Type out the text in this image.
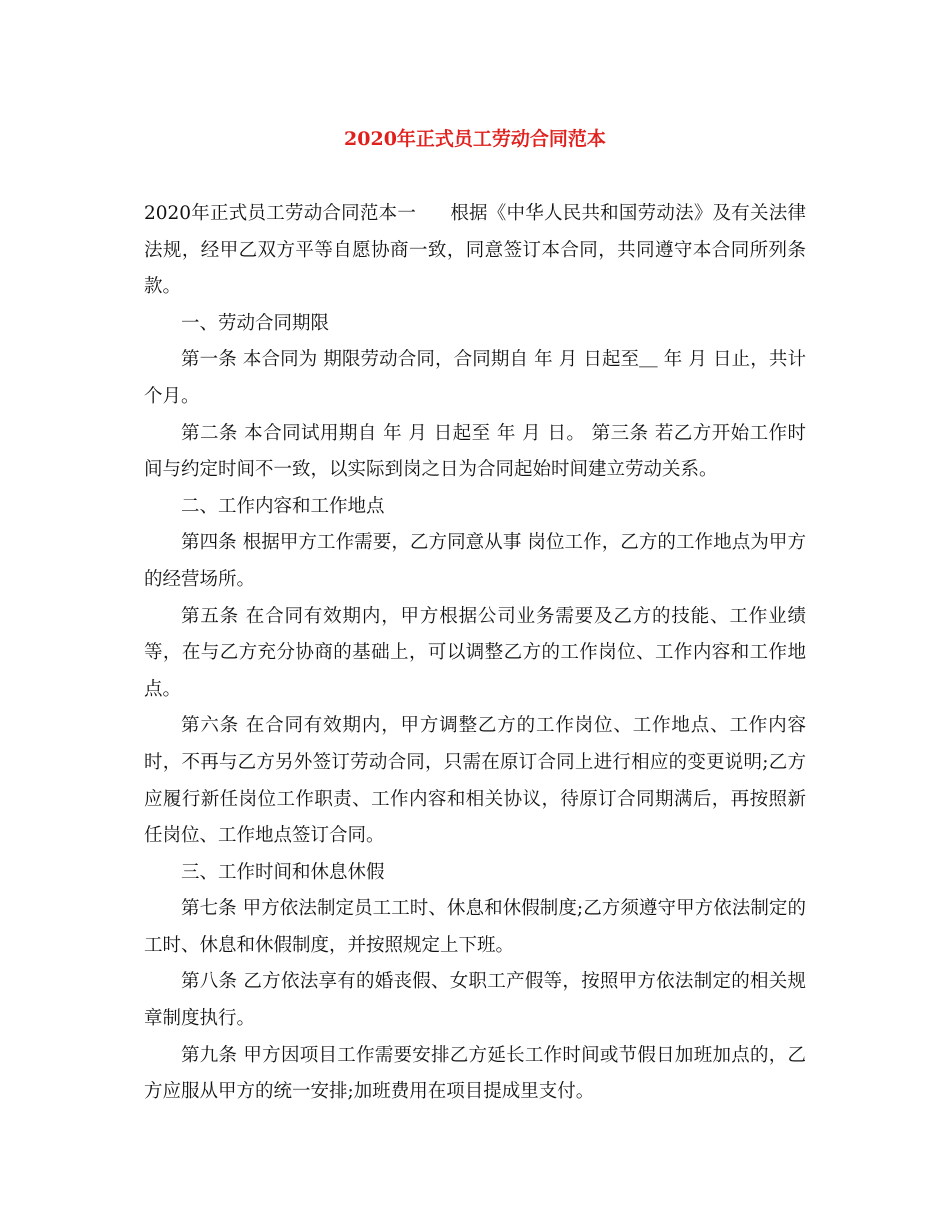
2020年正式员工劳动合同范本

2020年正式员工劳动合同范本一 根据《中华人民共和国劳动法》及有关法律法规，经甲乙双方平等自愿协商一致，同意签订本合同，共同遵守本合同所列条款。

一、劳动合同期限

第一条 本合同为 期限劳动合同，合同期自 年 月 日起至＿ 年 月 日止，共计 个月。

第二条 本合同试用期自 年 月 日起至 年 月 日。 第三条 若乙方开始工作时间与约定时间不一致，以实际到岗之日为合同起始时间建立劳动关系。

二、工作内容和工作地点

第四条 根据甲方工作需要，乙方同意从事 岗位工作，乙方的工作地点为甲方的经营场所。

第五条 在合同有效期内，甲方根据公司业务需要及乙方的技能、工作业绩等，在与乙方充分协商的基础上，可以调整乙方的工作岗位、工作内容和工作地点。

第六条 在合同有效期内，甲方调整乙方的工作岗位、工作地点、工作内容时，不再与乙方另外签订劳动合同，只需在原订合同上进行相应的变更说明;乙方应履行新任岗位工作职责、工作内容和相关协议，待原订合同期满后，再按照新任岗位、工作地点签订合同。

三、工作时间和休息休假

第七条 甲方依法制定员工工时、休息和休假制度;乙方须遵守甲方依法制定的工时、休息和休假制度，并按照规定上下班。

第八条 乙方依法享有的婚丧假、女职工产假等，按照甲方依法制定的相关规章制度执行。

第九条 甲方因项目工作需要安排乙方延长工作时间或节假日加班加点的，乙方应服从甲方的统一安排;加班费用在项目提成里支付。
